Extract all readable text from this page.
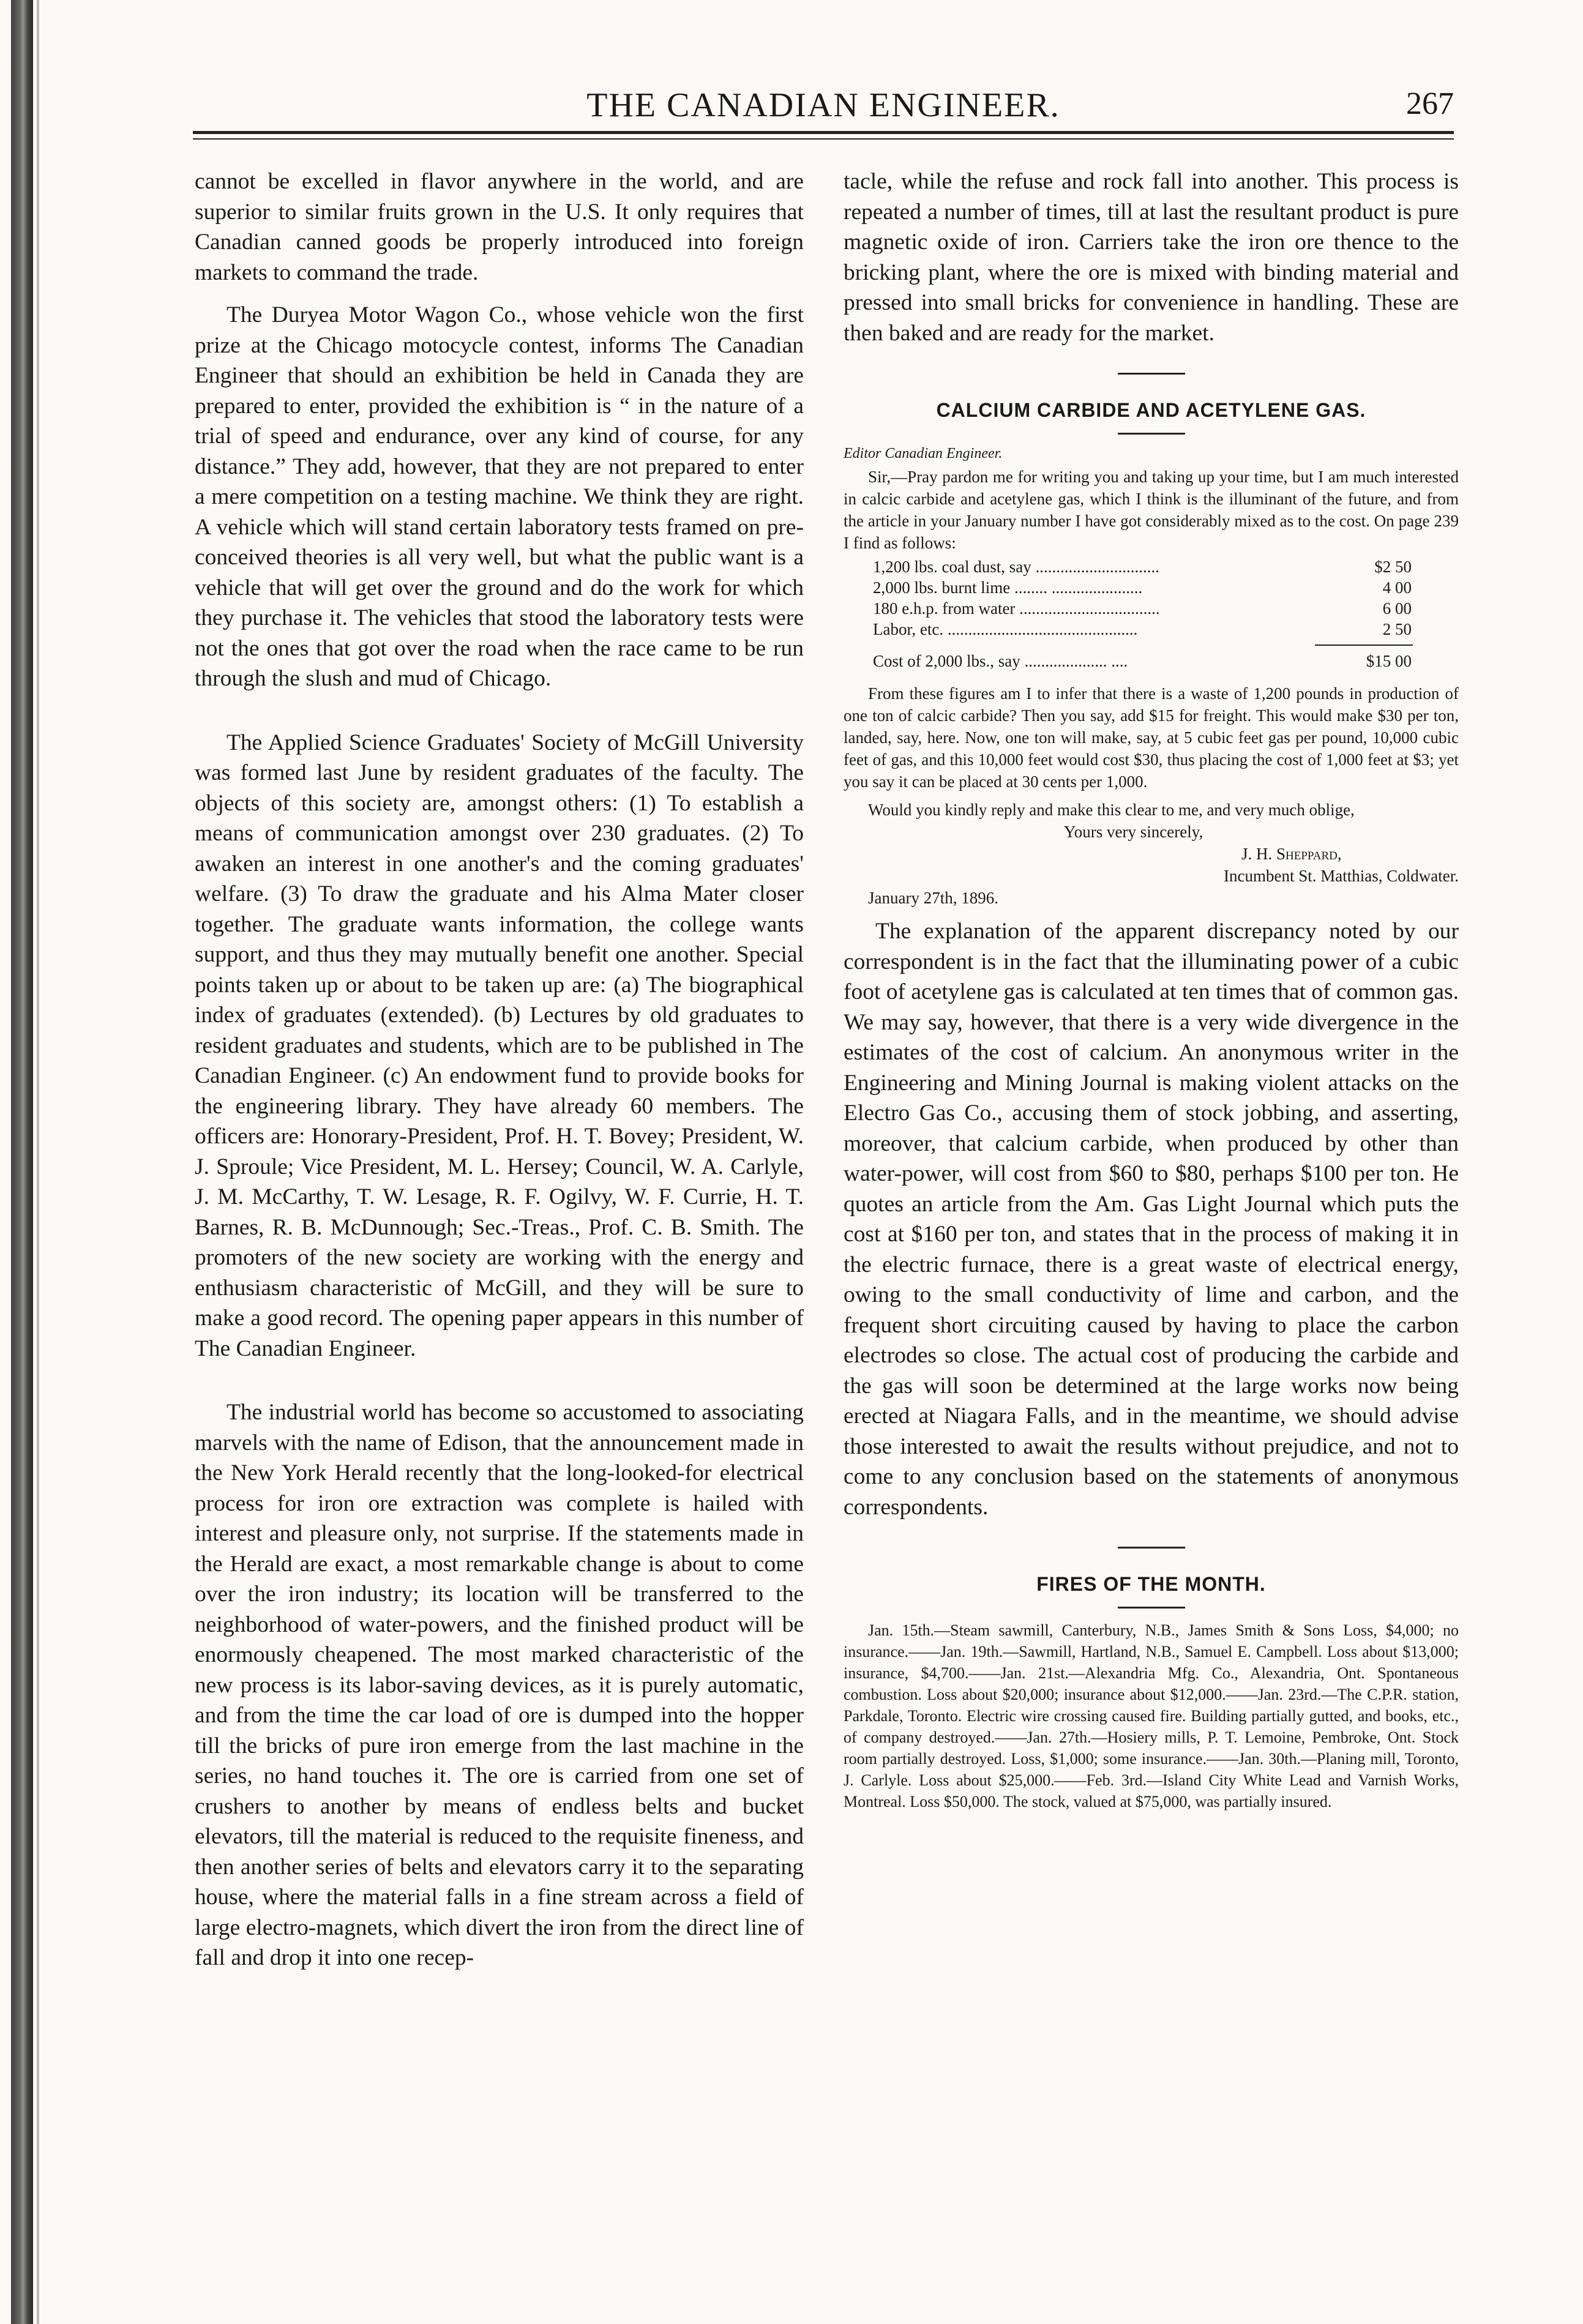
THE CANADIAN ENGINEER.	267

cannot be excelled in flavor anywhere in the world, and are superior to similar fruits grown in the U.S. It only requires that Canadian canned goods be properly introduced into foreign markets to command the trade.

The Duryea Motor Wagon Co., whose vehicle won the first prize at the Chicago motocycle contest, informs The Canadian Engineer that should an exhibition be held in Canada they are prepared to enter, provided the exhibition is “ in the nature of a trial of speed and endurance, over any kind of course, for any distance.” They add, however, that they are not prepared to enter a mere competition on a testing machine. We think they are right. A vehicle which will stand certain laboratory tests framed on pre-conceived theories is all very well, but what the public want is a vehicle that will get over the ground and do the work for which they purchase it. The vehicles that stood the laboratory tests were not the ones that got over the road when the race came to be run through the slush and mud of Chicago.

The Applied Science Graduates' Society of McGill University was formed last June by resident graduates of the faculty. The objects of this society are, amongst others: (1) To establish a means of communication amongst over 230 graduates. (2) To awaken an interest in one another's and the coming graduates' welfare. (3) To draw the graduate and his Alma Mater closer together. The graduate wants information, the college wants support, and thus they may mutually benefit one another. Special points taken up or about to be taken up are: (a) The biographical index of graduates (extended). (b) Lectures by old graduates to resident graduates and students, which are to be published in The Canadian Engineer. (c) An endowment fund to provide books for the engineering library. They have already 60 members. The officers are: Honorary-President, Prof. H. T. Bovey; President, W. J. Sproule; Vice President, M. L. Hersey; Council, W. A. Carlyle, J. M. McCarthy, T. W. Lesage, R. F. Ogilvy, W. F. Currie, H. T. Barnes, R. B. McDunnough; Sec.-Treas., Prof. C. B. Smith. The promoters of the new society are working with the energy and enthusiasm characteristic of McGill, and they will be sure to make a good record. The opening paper appears in this number of The Canadian Engineer.

The industrial world has become so accustomed to associating marvels with the name of Edison, that the announcement made in the New York Herald recently that the long-looked-for electrical process for iron ore extraction was complete is hailed with interest and pleasure only, not surprise. If the statements made in the Herald are exact, a most remarkable change is about to come over the iron industry; its location will be transferred to the neighborhood of water-powers, and the finished product will be enormously cheapened. The most marked characteristic of the new process is its labor-saving devices, as it is purely automatic, and from the time the car load of ore is dumped into the hopper till the bricks of pure iron emerge from the last machine in the series, no hand touches it. The ore is carried from one set of crushers to another by means of endless belts and bucket elevators, till the material is reduced to the requisite fineness, and then another series of belts and elevators carry it to the separating house, where the material falls in a fine stream across a field of large electro-magnets, which divert the iron from the direct line of fall and drop it into one recep-

tacle, while the refuse and rock fall into another. This process is repeated a number of times, till at last the resultant product is pure magnetic oxide of iron. Carriers take the iron ore thence to the bricking plant, where the ore is mixed with binding material and pressed into small bricks for convenience in handling. These are then baked and are ready for the market.

CALCIUM CARBIDE AND ACETYLENE GAS.

Editor Canadian Engineer.

Sir,—Pray pardon me for writing you and taking up your time, but I am much interested in calcic carbide and acetylene gas, which I think is the illuminant of the future, and from the article in your January number I have got considerably mixed as to the cost. On page 239 I find as follows:

1,200 lbs. coal dust, say ..............................	$2 50
2,000 lbs. burnt lime ........ ......................	4 00
180 e.h.p. from water ..................................	6 00
Labor, etc. ..............................................	2 50
Cost of 2,000 lbs., say .................... ....	$15 00

From these figures am I to infer that there is a waste of 1,200 pounds in production of one ton of calcic carbide? Then you say, add $15 for freight. This would make $30 per ton, landed, say, here. Now, one ton will make, say, at 5 cubic feet gas per pound, 10,000 cubic feet of gas, and this 10,000 feet would cost $30, thus placing the cost of 1,000 feet at $3; yet you say it can be placed at 30 cents per 1,000.

Would you kindly reply and make this clear to me, and very much oblige,

Yours very sincerely,

J. H. Sheppard,

Incumbent St. Matthias, Coldwater.

January 27th, 1896.

The explanation of the apparent discrepancy noted by our correspondent is in the fact that the illuminating power of a cubic foot of acetylene gas is calculated at ten times that of common gas. We may say, however, that there is a very wide divergence in the estimates of the cost of calcium. An anonymous writer in the Engineering and Mining Journal is making violent attacks on the Electro Gas Co., accusing them of stock jobbing, and asserting, moreover, that calcium carbide, when produced by other than water-power, will cost from $60 to $80, perhaps $100 per ton. He quotes an article from the Am. Gas Light Journal which puts the cost at $160 per ton, and states that in the process of making it in the electric furnace, there is a great waste of electrical energy, owing to the small conductivity of lime and carbon, and the frequent short circuiting caused by having to place the carbon electrodes so close. The actual cost of producing the carbide and the gas will soon be determined at the large works now being erected at Niagara Falls, and in the meantime, we should advise those interested to await the results without prejudice, and not to come to any conclusion based on the statements of anonymous correspondents.

FIRES OF THE MONTH.

Jan. 15th.—Steam sawmill, Canterbury, N.B., James Smith & Sons Loss, $4,000; no insurance.——Jan. 19th.—Sawmill, Hartland, N.B., Samuel E. Campbell. Loss about $13,000; insurance, $4,700.——Jan. 21st.—Alexandria Mfg. Co., Alexandria, Ont. Spontaneous combustion. Loss about $20,000; insurance about $12,000.——Jan. 23rd.—The C.P.R. station, Parkdale, Toronto. Electric wire crossing caused fire. Building partially gutted, and books, etc., of company destroyed.——Jan. 27th.—Hosiery mills, P. T. Lemoine, Pembroke, Ont. Stock room partially destroyed. Loss, $1,000; some insurance.——Jan. 30th.—Planing mill, Toronto, J. Carlyle. Loss about $25,000.——Feb. 3rd.—Island City White Lead and Varnish Works, Montreal. Loss $50,000. The stock, valued at $75,000, was partially insured.
